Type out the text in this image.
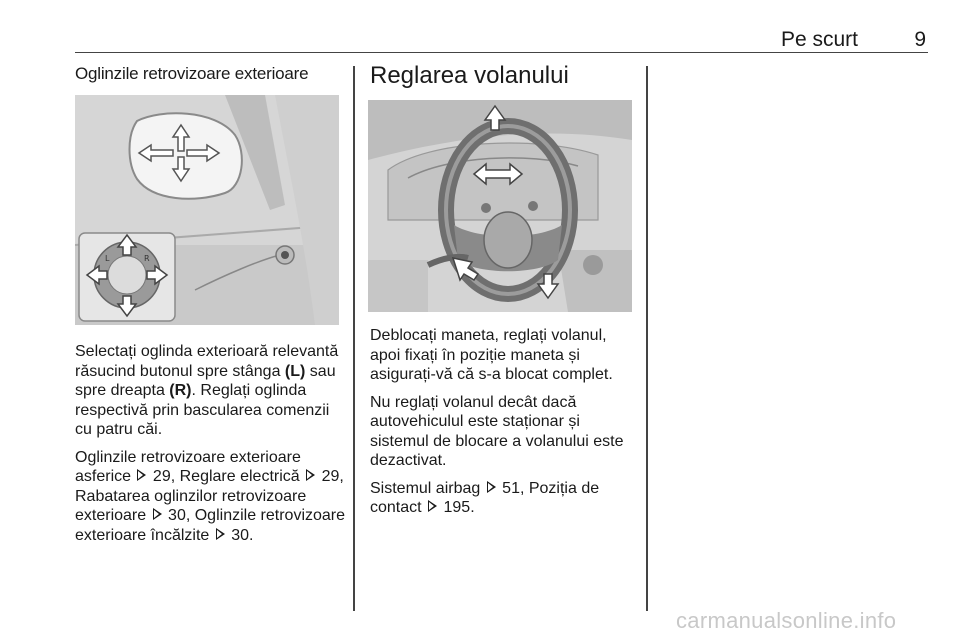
Pe scurt	9
Oglinzile retrovizoare exterioare
L	R

Selectați oglinda exterioară relevantă răsucind butonul spre stânga (L) sau spre dreapta (R). Reglați oglinda respectivă prin bascularea comenzii cu patru căi.

Oglinzile retrovizoare exterioare asferice  29, Reglare electrică  29, Rabatarea oglinzilor retrovizoare exterioare  30, Oglinzile retrovizoare exterioare încălzite  30.

Reglarea volanului

Deblocați maneta, reglați volanul, apoi fixați în poziție maneta și asigurați-vă că s-a blocat complet.

Nu reglați volanul decât dacă autovehiculul este staționar și sistemul de blocare a volanului este dezactivat.

Sistemul airbag  51, Poziția de contact  195.

carmanualsonline.info
